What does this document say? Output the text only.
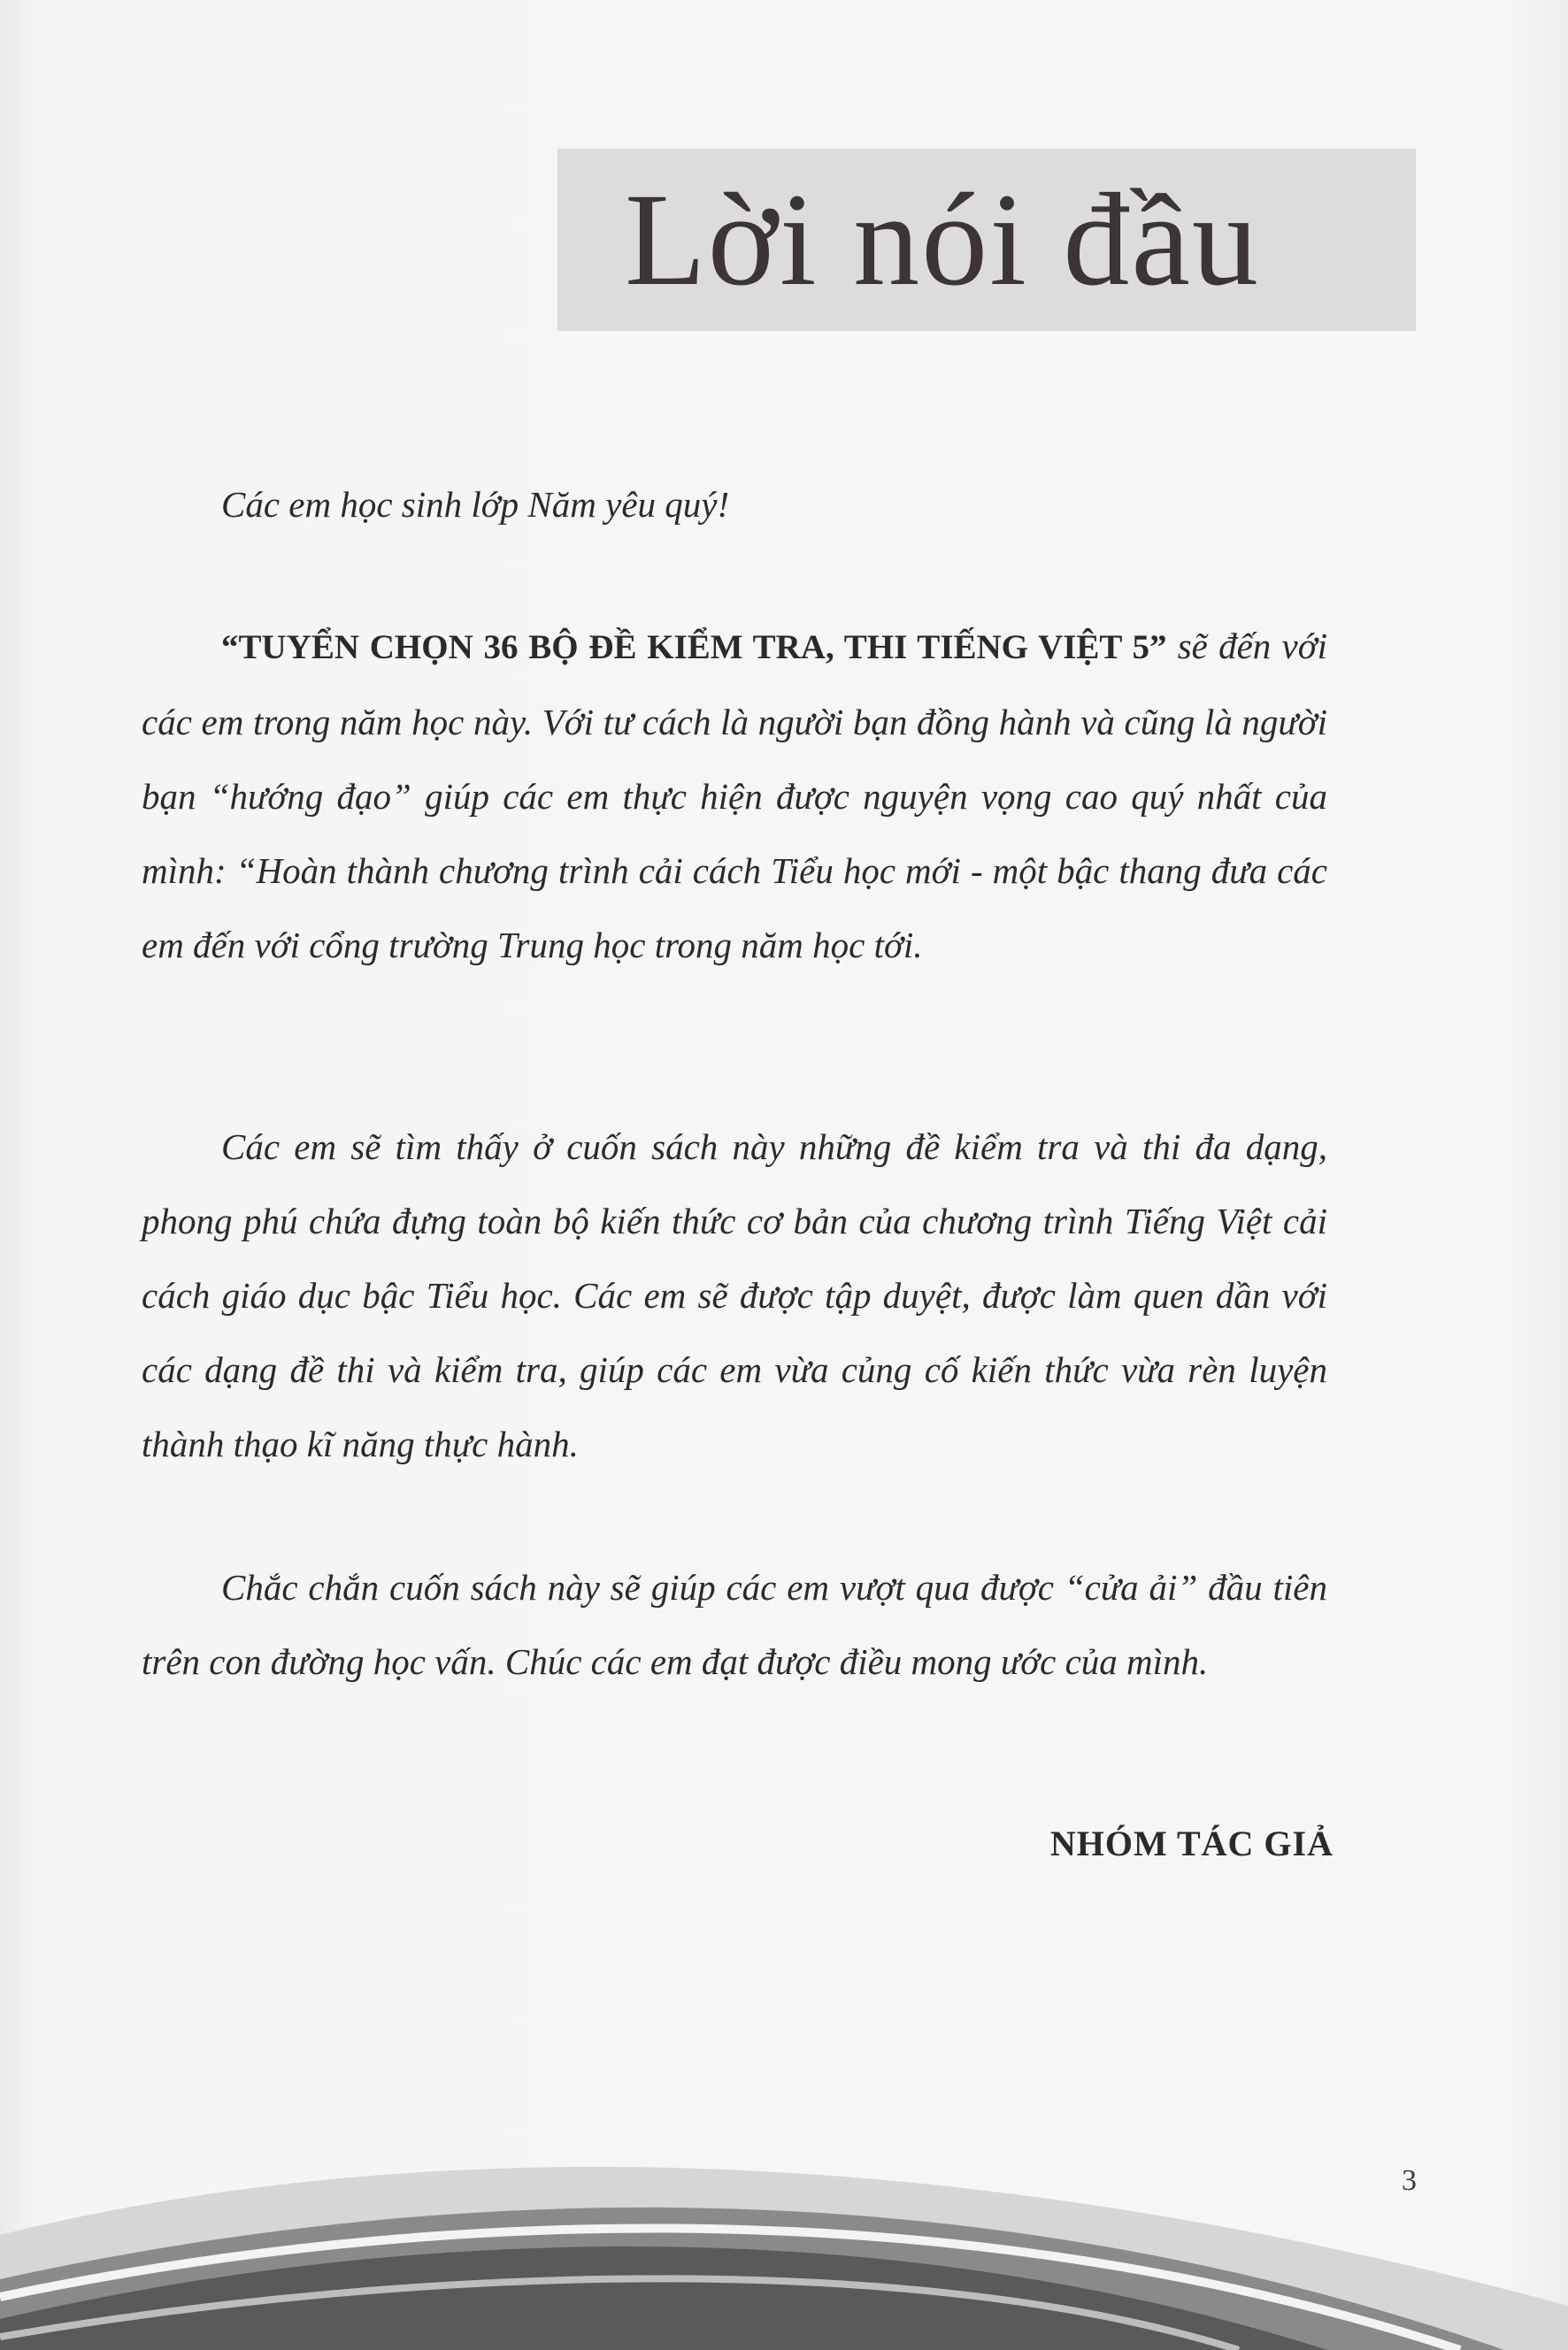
Lời nói đầu
Các em học sinh lớp Năm yêu quý!

“TUYỂN CHỌN 36 BỘ ĐỀ KIỂM TRA, THI TIẾNG VIỆT 5” sẽ đến với các em trong năm học này. Với tư cách là người bạn đồng hành và cũng là người bạn “hướng đạo” giúp các em thực hiện được nguyện vọng cao quý nhất của mình: “Hoàn thành chương trình cải cách Tiểu học mới - một bậc thang đưa các em đến với cổng trường Trung học trong năm học tới.

Các em sẽ tìm thấy ở cuốn sách này những đề kiểm tra và thi đa dạng, phong phú chứa đựng toàn bộ kiến thức cơ bản của chương trình Tiếng Việt cải cách giáo dục bậc Tiểu học. Các em sẽ được tập duyệt, được làm quen dần với các dạng đề thi và kiểm tra, giúp các em vừa củng cố kiến thức vừa rèn luyện thành thạo kĩ năng thực hành.

Chắc chắn cuốn sách này sẽ giúp các em vượt qua được “cửa ải” đầu tiên trên con đường học vấn. Chúc các em đạt được điều mong ước của mình.

NHÓM TÁC GIẢ
3
